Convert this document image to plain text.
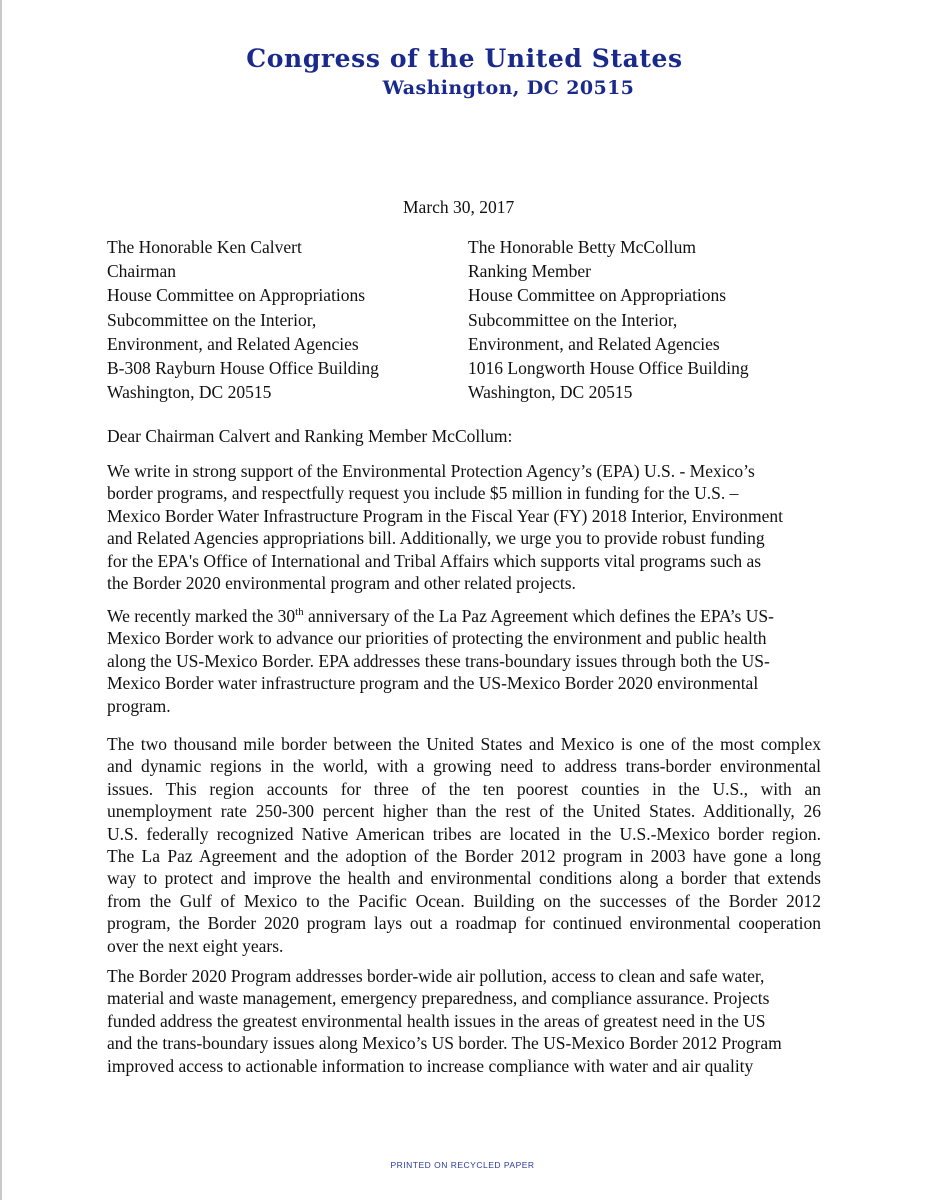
Congress of the United States
Washington, DC 20515
March 30, 2017
The Honorable Ken Calvert
Chairman
House Committee on Appropriations
Subcommittee on the Interior,
Environment, and Related Agencies
B-308 Rayburn House Office Building
Washington, DC 20515
The Honorable Betty McCollum
Ranking Member
House Committee on Appropriations
Subcommittee on the Interior,
Environment, and Related Agencies
1016 Longworth House Office Building
Washington, DC 20515
Dear Chairman Calvert and Ranking Member McCollum:

We write in strong support of the Environmental Protection Agency’s (EPA) U.S. - Mexico’s
border programs, and respectfully request you include $5 million in funding for the U.S. –
Mexico Border Water Infrastructure Program in the Fiscal Year (FY) 2018 Interior, Environment
and Related Agencies appropriations bill. Additionally, we urge you to provide robust funding
for the EPA's Office of International and Tribal Affairs which supports vital programs such as
the Border 2020 environmental program and other related projects.

We recently marked the 30th anniversary of the La Paz Agreement which defines the EPA’s US-
Mexico Border work to advance our priorities of protecting the environment and public health
along the US-Mexico Border. EPA addresses these trans-boundary issues through both the US-
Mexico Border water infrastructure program and the US-Mexico Border 2020 environmental
program.

The two thousand mile border between the United States and Mexico is one of the most complex
and dynamic regions in the world, with a growing need to address trans-border environmental
issues. This region accounts for three of the ten poorest counties in the U.S., with an
unemployment rate 250-300 percent higher than the rest of the United States. Additionally, 26
U.S. federally recognized Native American tribes are located in the U.S.-Mexico border region.
The La Paz Agreement and the adoption of the Border 2012 program in 2003 have gone a long
way to protect and improve the health and environmental conditions along a border that extends
from the Gulf of Mexico to the Pacific Ocean. Building on the successes of the Border 2012
program, the Border 2020 program lays out a roadmap for continued environmental cooperation
over the next eight years.

The Border 2020 Program addresses border-wide air pollution, access to clean and safe water,
material and waste management, emergency preparedness, and compliance assurance. Projects
funded address the greatest environmental health issues in the areas of greatest need in the US
and the trans-boundary issues along Mexico’s US border. The US-Mexico Border 2012 Program
improved access to actionable information to increase compliance with water and air quality

PRINTED ON RECYCLED PAPER
